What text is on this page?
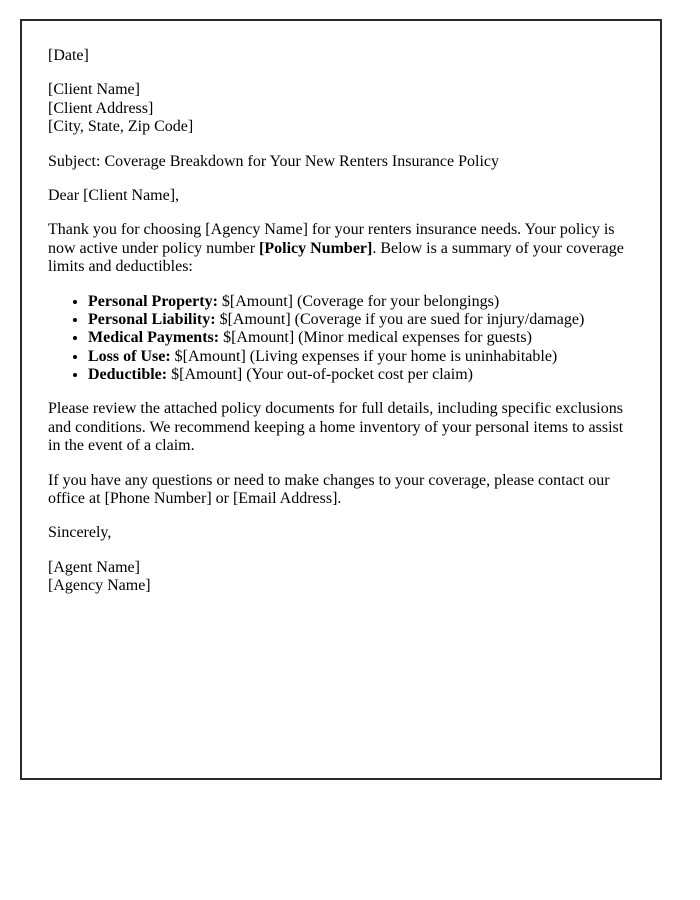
[Date]

[Client Name]
[Client Address]
[City, State, Zip Code]

Subject: Coverage Breakdown for Your New Renters Insurance Policy

Dear [Client Name],

Thank you for choosing [Agency Name] for your renters insurance needs. Your policy is now active under policy number [Policy Number]. Below is a summary of your coverage limits and deductibles:

• Personal Property: $[Amount] (Coverage for your belongings)
• Personal Liability: $[Amount] (Coverage if you are sued for injury/damage)
• Medical Payments: $[Amount] (Minor medical expenses for guests)
• Loss of Use: $[Amount] (Living expenses if your home is uninhabitable)
• Deductible: $[Amount] (Your out-of-pocket cost per claim)

Please review the attached policy documents for full details, including specific exclusions and conditions. We recommend keeping a home inventory of your personal items to assist in the event of a claim.

If you have any questions or need to make changes to your coverage, please contact our office at [Phone Number] or [Email Address].

Sincerely,

[Agent Name]
[Agency Name]
